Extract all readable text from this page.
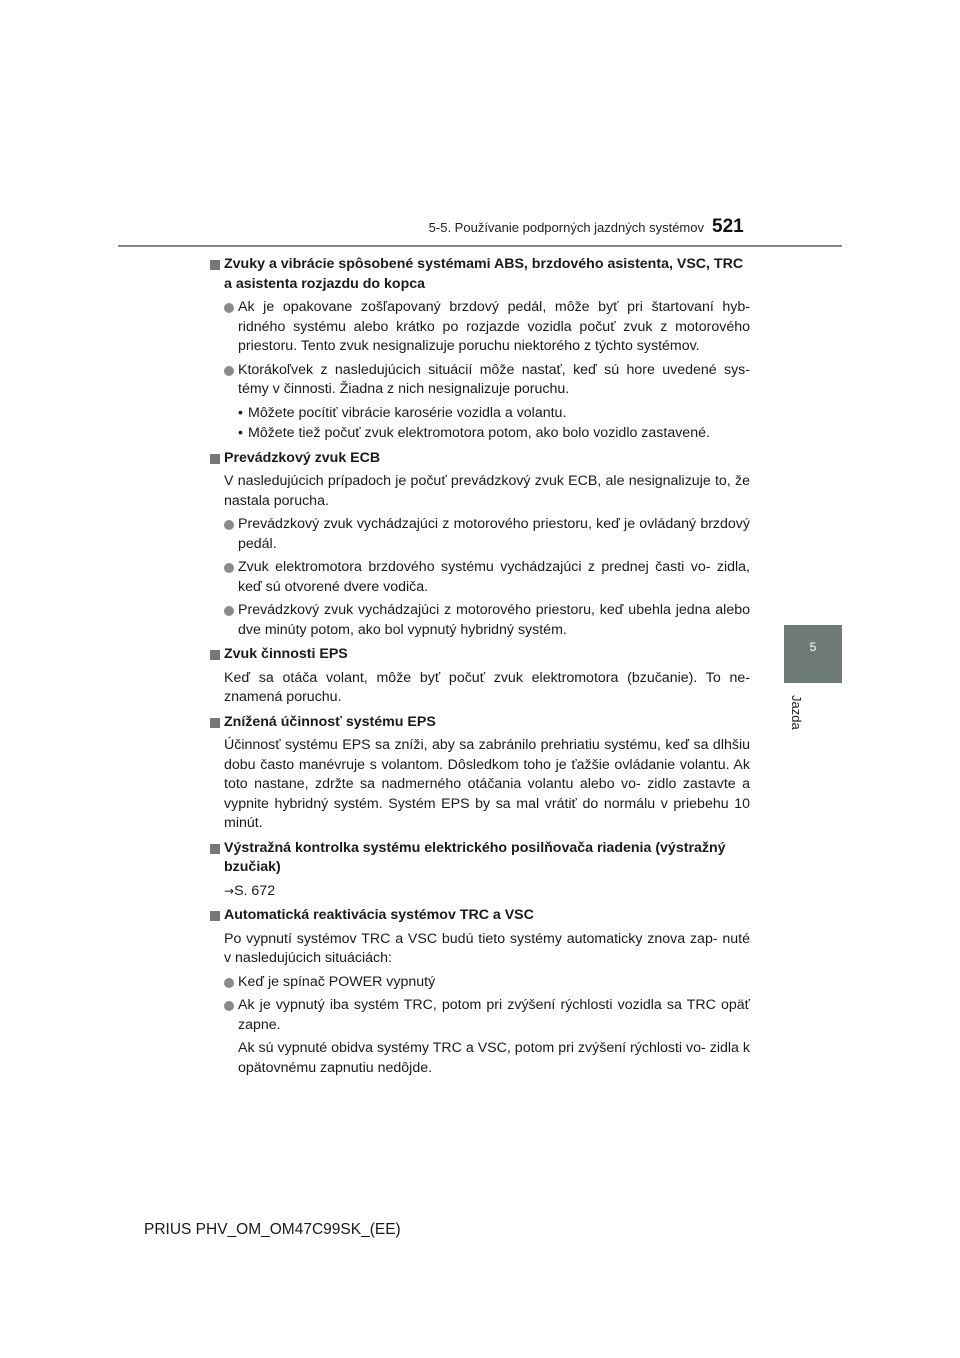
5-5. Používanie podporných jazdných systémov 521
5
Jazda
Zvuky a vibrácie spôsobené systémami ABS, brzdového asistenta, VSC, TRC a asistenta rozjazdu do kopca
Ak je opakovane zošľapovaný brzdový pedál, môže byť pri štartovaní hyb- ridného systému alebo krátko po rozjazde vozidla počuť zvuk z motorového priestoru. Tento zvuk nesignalizuje poruchu niektorého z týchto systémov.
Ktorákoľvek z nasledujúcich situácií môže nastať, keď sú hore uvedené sys- témy v činnosti. Žiadna z nich nesignalizuje poruchu.
• Môžete pocítiť vibrácie karosérie vozidla a volantu.
• Môžete tiež počuť zvuk elektromotora potom, ako bolo vozidlo zastavené.
Prevádzkový zvuk ECB
V nasledujúcich prípadoch je počuť prevádzkový zvuk ECB, ale nesignalizuje to, že nastala porucha.
Prevádzkový zvuk vychádzajúci z motorového priestoru, keď je ovládaný brzdový pedál.
Zvuk elektromotora brzdového systému vychádzajúci z prednej časti vo- zidla, keď sú otvorené dvere vodiča.
Prevádzkový zvuk vychádzajúci z motorového priestoru, keď ubehla jedna alebo dve minúty potom, ako bol vypnutý hybridný systém.
Zvuk činnosti EPS
Keď sa otáča volant, môže byť počuť zvuk elektromotora (bzučanie). To ne- znamená poruchu.
Znížená účinnosť systému EPS
Účinnosť systému EPS sa zníži, aby sa zabránilo prehriatiu systému, keď sa dlhšiu dobu často manévruje s volantom. Dôsledkom toho je ťažšie ovládanie volantu. Ak toto nastane, zdržte sa nadmerného otáčania volantu alebo vo- zidlo zastavte a vypnite hybridný systém. Systém EPS by sa mal vrátiť do normálu v priebehu 10 minút.
Výstražná kontrolka systému elektrického posilňovača riadenia (výstražný bzučiak)
→S. 672
Automatická reaktivácia systémov TRC a VSC
Po vypnutí systémov TRC a VSC budú tieto systémy automaticky znova zap- nuté v nasledujúcich situáciách:
Keď je spínač POWER vypnutý
Ak je vypnutý iba systém TRC, potom pri zvýšení rýchlosti vozidla sa TRC opäť zapne.
Ak sú vypnuté obidva systémy TRC a VSC, potom pri zvýšení rýchlosti vo- zidla k opätovnému zapnutiu nedôjde.
PRIUS PHV_OM_OM47C99SK_(EE)
